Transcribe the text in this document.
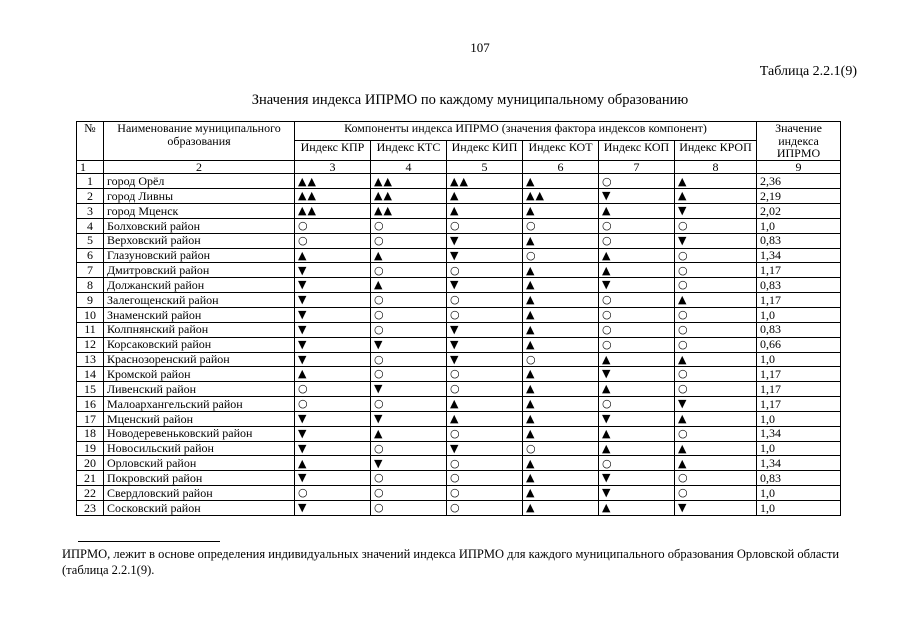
107
Таблица 2.2.1(9)
Значения индекса ИПРМО по каждому муниципальному образованию
№	Наименование муниципального образования	Компоненты индекса ИПРМО (значения фактора индексов компонент)						Значение индекса ИПРМО
		Индекс КПР	Индекс КТС	Индекс КИП	Индекс КОТ	Индекс КОП	Индекс КРОП	
1	2	3	4	5	6	7	8	9
1	город Орёл	▲▲	▲▲	▲▲	▲	○	▲	2,36
2	город Ливны	▲▲	▲▲	▲	▲▲	▼	▲	2,19
3	город Мценск	▲▲	▲▲	▲	▲	▲	▼	2,02
4	Болховский район	○	○	○	○	○	○	1,0
5	Верховский район	○	○	▼	▲	○	▼	0,83
6	Глазуновский район	▲	▲	▼	○	▲	○	1,34
7	Дмитровский район	▼	○	○	▲	▲	○	1,17
8	Должанский район	▼	▲	▼	▲	▼	○	0,83
9	Залегощенский район	▼	○	○	▲	○	▲	1,17
10	Знаменский район	▼	○	○	▲	○	○	1,0
11	Колпнянский район	▼	○	▼	▲	○	○	0,83
12	Корсаковский район	▼	▼	▼	▲	○	○	0,66
13	Краснозоренский район	▼	○	▼	○	▲	▲	1,0
14	Кромской район	▲	○	○	▲	▼	○	1,17
15	Ливенский район	○	▼	○	▲	▲	○	1,17
16	Малоархангельский район	○	○	▲	▲	○	▼	1,17
17	Мценский район	▼	▼	▲	▲	▼	▲	1,0
18	Новодеревеньковский район	▼	▲	○	▲	▲	○	1,34
19	Новосильский район	▼	○	▼	○	▲	▲	1,0
20	Орловский район	▲	▼	○	▲	○	▲	1,34
21	Покровский район	▼	○	○	▲	▼	○	0,83
22	Свердловский район	○	○	○	▲	▼	○	1,0
23	Сосковский район	▼	○	○	▲	▲	▼	1,0
ИПРМО, лежит в основе определения индивидуальных значений индекса ИПРМО для каждого муниципального образования Орловской области (таблица 2.2.1(9).
